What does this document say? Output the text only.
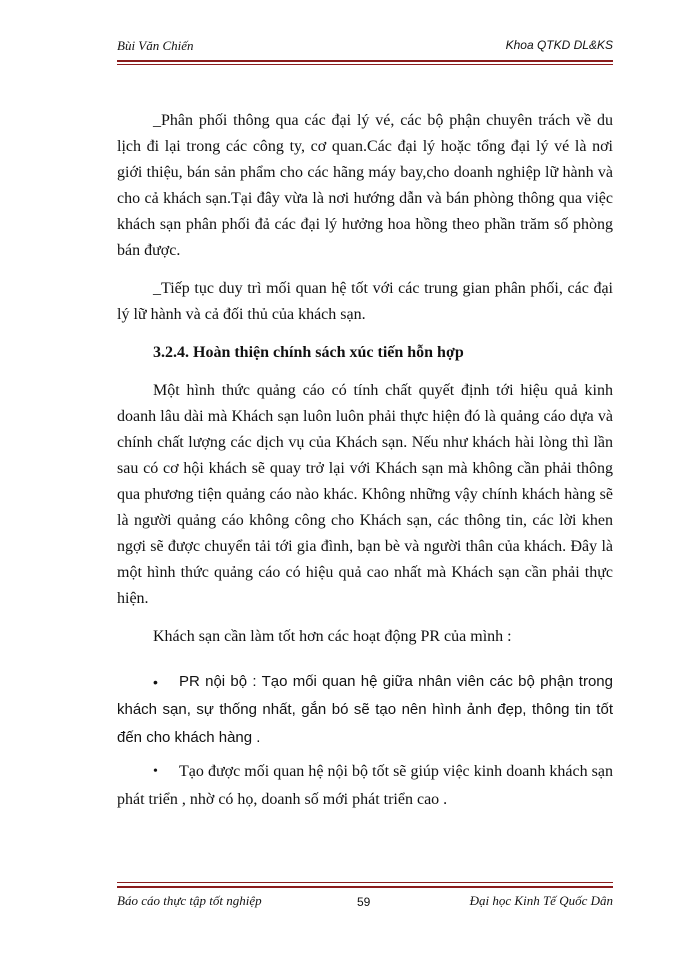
Bùi Văn Chiến	Khoa QTKD DL&KS

_Phân phối thông qua các đại lý vé, các bộ phận chuyên trách về du lịch đi lại trong các công ty, cơ quan.Các đại lý hoặc tổng đại lý vé là nơi giới thiệu, bán sản phẩm cho các hãng máy bay,cho doanh nghiệp lữ hành và cho cả khách sạn.Tại đây vừa là nơi hướng dẫn và bán phòng thông qua việc khách sạn phân phối đả các đại lý hưởng hoa hồng theo phần trăm số phòng bán được.

_Tiếp tục duy trì mối quan hệ tốt với các trung gian phân phối, các đại lý lữ hành và cả đối thủ của khách sạn.

3.2.4. Hoàn thiện chính sách xúc tiến hỗn hợp

Một hình thức quảng cáo có tính chất quyết định tới hiệu quả kinh doanh lâu dài mà Khách sạn luôn luôn phải thực hiện đó là quảng cáo dựa và chính chất lượng các dịch vụ của Khách sạn. Nếu như khách hài lòng thì lần sau có cơ hội khách sẽ quay trở lại với Khách sạn mà không cần phải thông qua phương tiện quảng cáo nào khác. Không những vậy chính khách hàng sẽ là người quảng cáo không công cho Khách sạn, các thông tin, các lời khen ngợi sẽ được chuyển tải tới gia đình, bạn bè và người thân của khách. Đây là một hình thức quảng cáo có hiệu quả cao nhất mà Khách sạn cần phải thực hiện.

Khách sạn cần làm tốt hơn các hoạt động PR của mình :

•	PR nội bộ : Tạo mối quan hệ giữa nhân viên các bộ phận trong khách sạn, sự thống nhất, gắn bó sẽ tạo nên hình ảnh đẹp, thông tin tốt đến cho khách hàng .
•	Tạo được mối quan hệ nội bộ tốt sẽ giúp việc kinh doanh khách sạn phát triển , nhờ có họ, doanh số mới phát triển cao .
Báo cáo thực tập tốt nghiệp	59	Đại học Kinh Tế Quốc Dân
